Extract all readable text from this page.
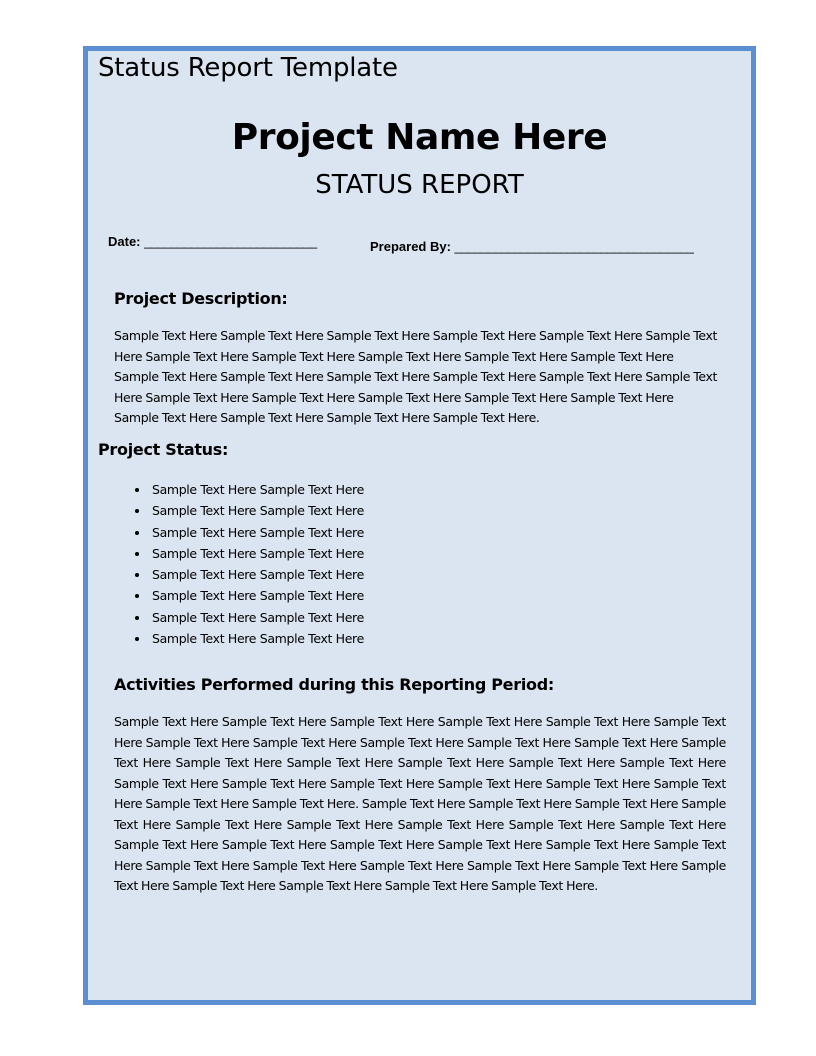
Status Report Template
Project Name Here
STATUS REPORT
Date: __________________________	Prepared By: ____________________________________
Project Description:
Sample Text Here Sample Text Here Sample Text Here Sample Text Here Sample Text Here Sample Text Here Sample Text Here Sample Text Here Sample Text Here Sample Text Here Sample Text Here Sample Text Here Sample Text Here Sample Text Here Sample Text Here Sample Text Here Sample Text Here Sample Text Here Sample Text Here Sample Text Here Sample Text Here Sample Text Here Sample Text Here Sample Text Here Sample Text Here Sample Text Here.
Project Status:
• Sample Text Here Sample Text Here
• Sample Text Here Sample Text Here
• Sample Text Here Sample Text Here
• Sample Text Here Sample Text Here
• Sample Text Here Sample Text Here
• Sample Text Here Sample Text Here
• Sample Text Here Sample Text Here
• Sample Text Here Sample Text Here
Activities Performed during this Reporting Period:
Sample Text Here Sample Text Here Sample Text Here Sample Text Here Sample Text Here Sample Text Here Sample Text Here Sample Text Here Sample Text Here Sample Text Here Sample Text Here Sample Text Here Sample Text Here Sample Text Here Sample Text Here Sample Text Here Sample Text Here Sample Text Here Sample Text Here Sample Text Here Sample Text Here Sample Text Here Sample Text Here Sample Text Here Sample Text Here. Sample Text Here Sample Text Here Sample Text Here Sample Text Here Sample Text Here Sample Text Here Sample Text Here Sample Text Here Sample Text Here Sample Text Here Sample Text Here Sample Text Here Sample Text Here Sample Text Here Sample Text Here Sample Text Here Sample Text Here Sample Text Here Sample Text Here Sample Text Here Sample Text Here Sample Text Here Sample Text Here Sample Text Here Sample Text Here.
